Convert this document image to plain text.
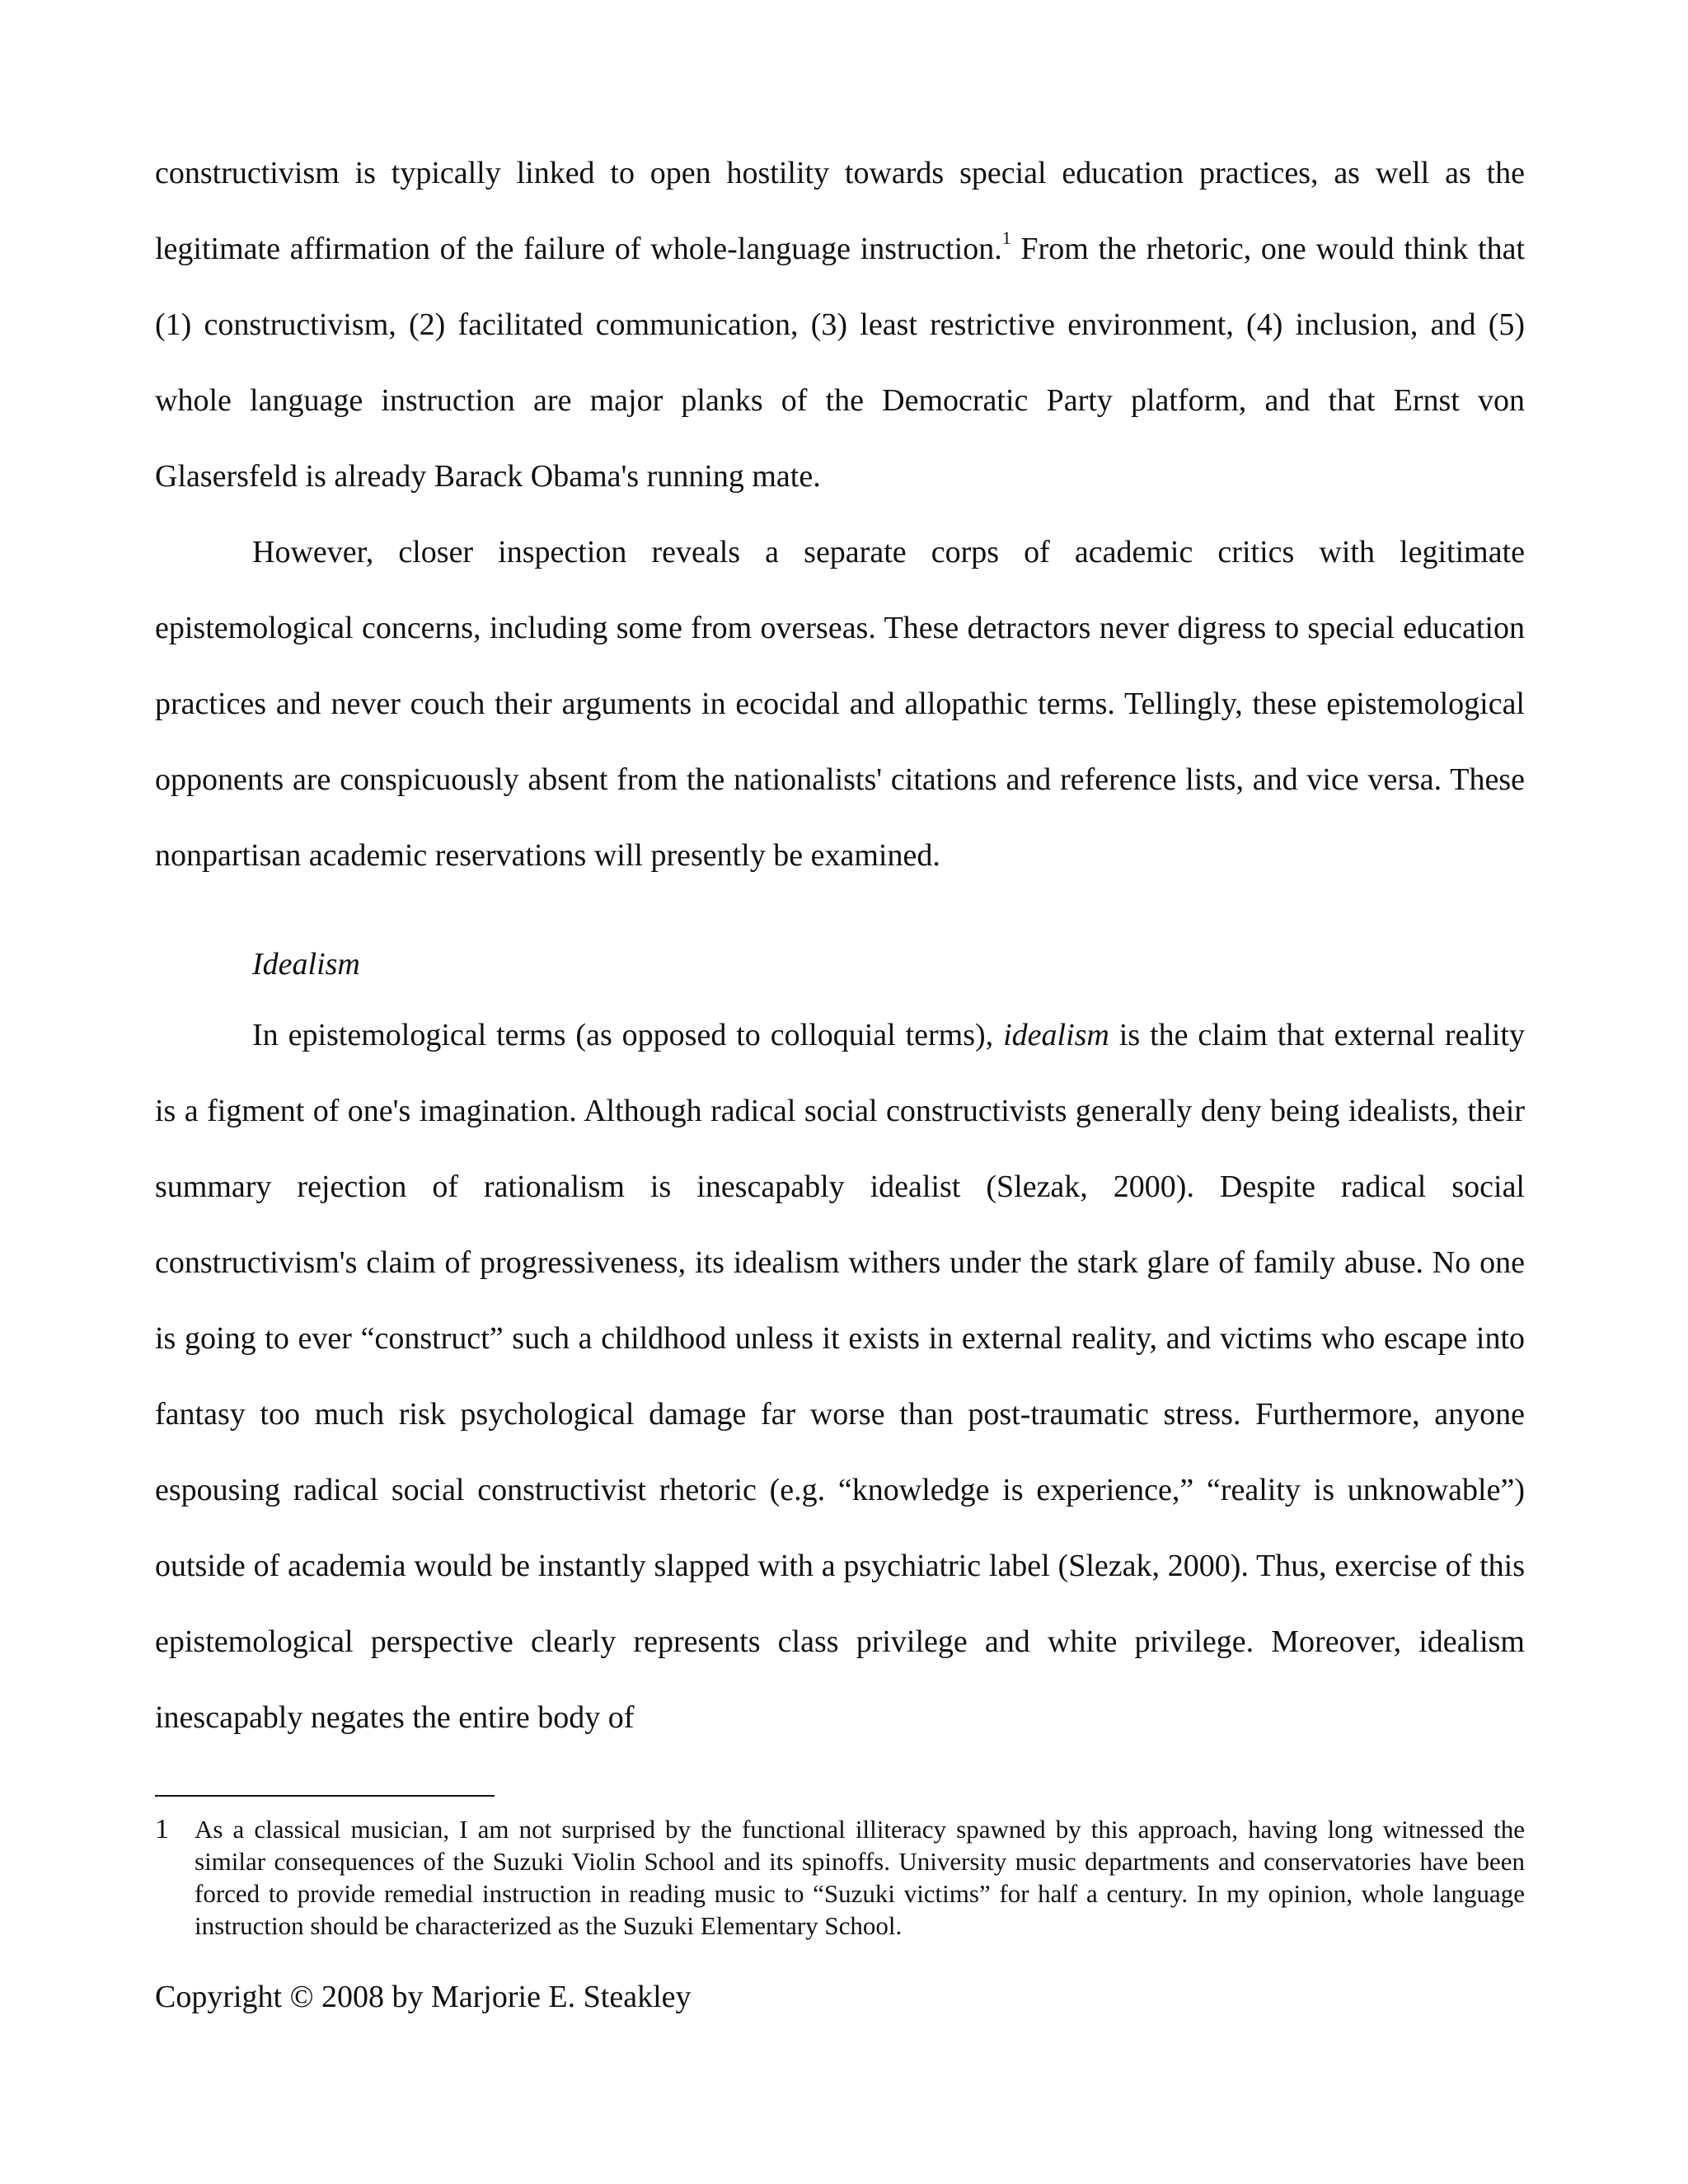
constructivism is typically linked to open hostility towards special education practices, as well as the legitimate affirmation of the failure of whole-language instruction.$^1$ From the rhetoric, one would think that (1) constructivism, (2) facilitated communication, (3) least restrictive environment, (4) inclusion, and (5) whole language instruction are major planks of the Democratic Party platform, and that Ernst von Glasersfeld is already Barack Obama's running mate.

However, closer inspection reveals a separate corps of academic critics with legitimate epistemological concerns, including some from overseas. These detractors never digress to special education practices and never couch their arguments in ecocidal and allopathic terms. Tellingly, these epistemological opponents are conspicuously absent from the nationalists' citations and reference lists, and vice versa. These nonpartisan academic reservations will presently be examined.

Idealism

In epistemological terms (as opposed to colloquial terms), idealism is the claim that external reality is a figment of one's imagination. Although radical social constructivists generally deny being idealists, their summary rejection of rationalism is inescapably idealist (Slezak, 2000). Despite radical social constructivism's claim of progressiveness, its idealism withers under the stark glare of family abuse. No one is going to ever “construct” such a childhood unless it exists in external reality, and victims who escape into fantasy too much risk psychological damage far worse than post-traumatic stress. Furthermore, anyone espousing radical social constructivist rhetoric (e.g. “knowledge is experience,” “reality is unknowable”) outside of academia would be instantly slapped with a psychiatric label (Slezak, 2000). Thus, exercise of this epistemological perspective clearly represents class privilege and white privilege. Moreover, idealism inescapably negates the entire body of

1	As a classical musician, I am not surprised by the functional illiteracy spawned by this approach, having long witnessed the similar consequences of the Suzuki Violin School and its spinoffs. University music departments and conservatories have been forced to provide remedial instruction in reading music to “Suzuki victims” for half a century. In my opinion, whole language instruction should be characterized as the Suzuki Elementary School.
Copyright © 2008 by Marjorie E. Steakley
